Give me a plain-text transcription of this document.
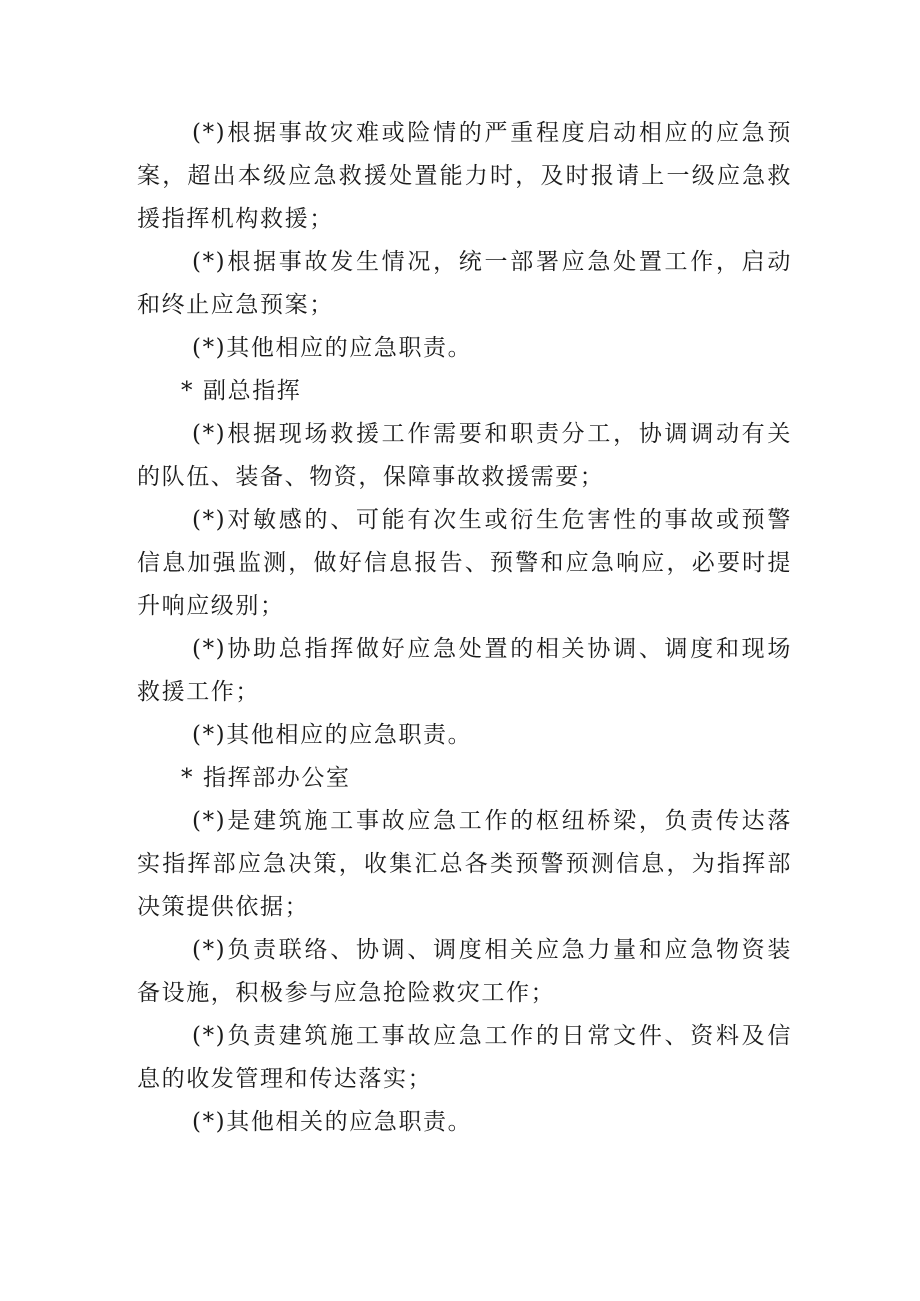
(*)根据事故灾难或险情的严重程度启动相应的应急预案，超出本级应急救援处置能力时，及时报请上一级应急救援指挥机构救援；

(*)根据事故发生情况，统一部署应急处置工作，启动和终止应急预案；

(*)其他相应的应急职责。

* 副总指挥

(*)根据现场救援工作需要和职责分工，协调调动有关的队伍、装备、物资，保障事故救援需要；

(*)对敏感的、可能有次生或衍生危害性的事故或预警信息加强监测，做好信息报告、预警和应急响应，必要时提升响应级别；

(*)协助总指挥做好应急处置的相关协调、调度和现场救援工作；

(*)其他相应的应急职责。

* 指挥部办公室

(*)是建筑施工事故应急工作的枢纽桥梁，负责传达落实指挥部应急决策，收集汇总各类预警预测信息，为指挥部决策提供依据；

(*)负责联络、协调、调度相关应急力量和应急物资装备设施，积极参与应急抢险救灾工作；

(*)负责建筑施工事故应急工作的日常文件、资料及信息的收发管理和传达落实；

(*)其他相关的应急职责。
